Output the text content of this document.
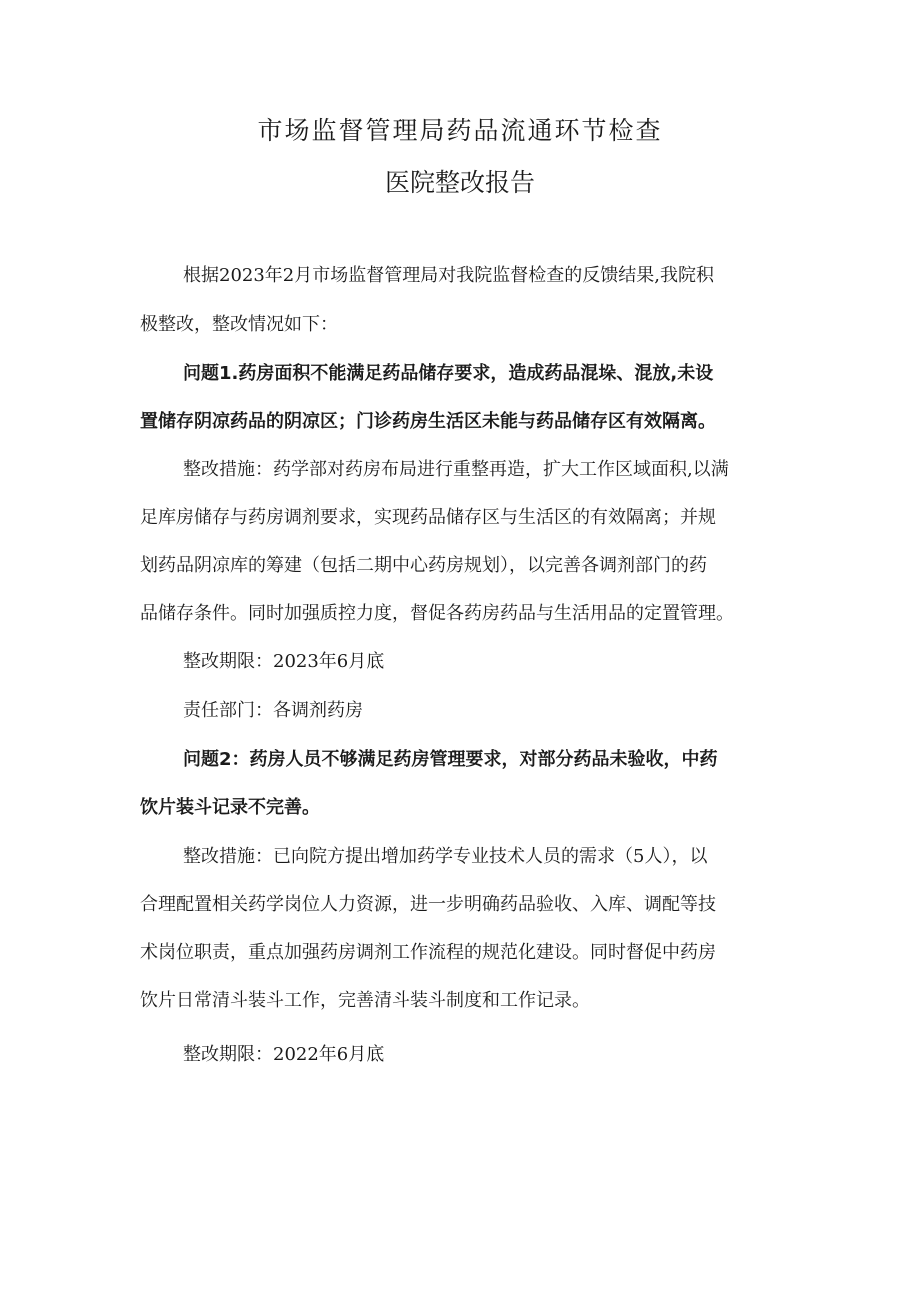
市场监督管理局药品流通环节检查
医院整改报告
根据2023年2月市场监督管理局对我院监督检查的反馈结果,我院积
极整改，整改情况如下：
问题1.药房面积不能满足药品储存要求，造成药品混垛、混放,未设
置储存阴凉药品的阴凉区；门诊药房生活区未能与药品储存区有效隔离。
整改措施：药学部对药房布局进行重整再造，扩大工作区域面积,以满
足库房储存与药房调剂要求，实现药品储存区与生活区的有效隔离；并规
划药品阴凉库的筹建（包括二期中心药房规划），以完善各调剂部门的药
品储存条件。同时加强质控力度，督促各药房药品与生活用品的定置管理。
整改期限：2023年6月底
责任部门：各调剂药房
问题2：药房人员不够满足药房管理要求，对部分药品未验收，中药
饮片装斗记录不完善。
整改措施：已向院方提出增加药学专业技术人员的需求（5人），以
合理配置相关药学岗位人力资源，进一步明确药品验收、入库、调配等技
术岗位职责，重点加强药房调剂工作流程的规范化建设。同时督促中药房
饮片日常清斗装斗工作，完善清斗装斗制度和工作记录。
整改期限：2022年6月底
